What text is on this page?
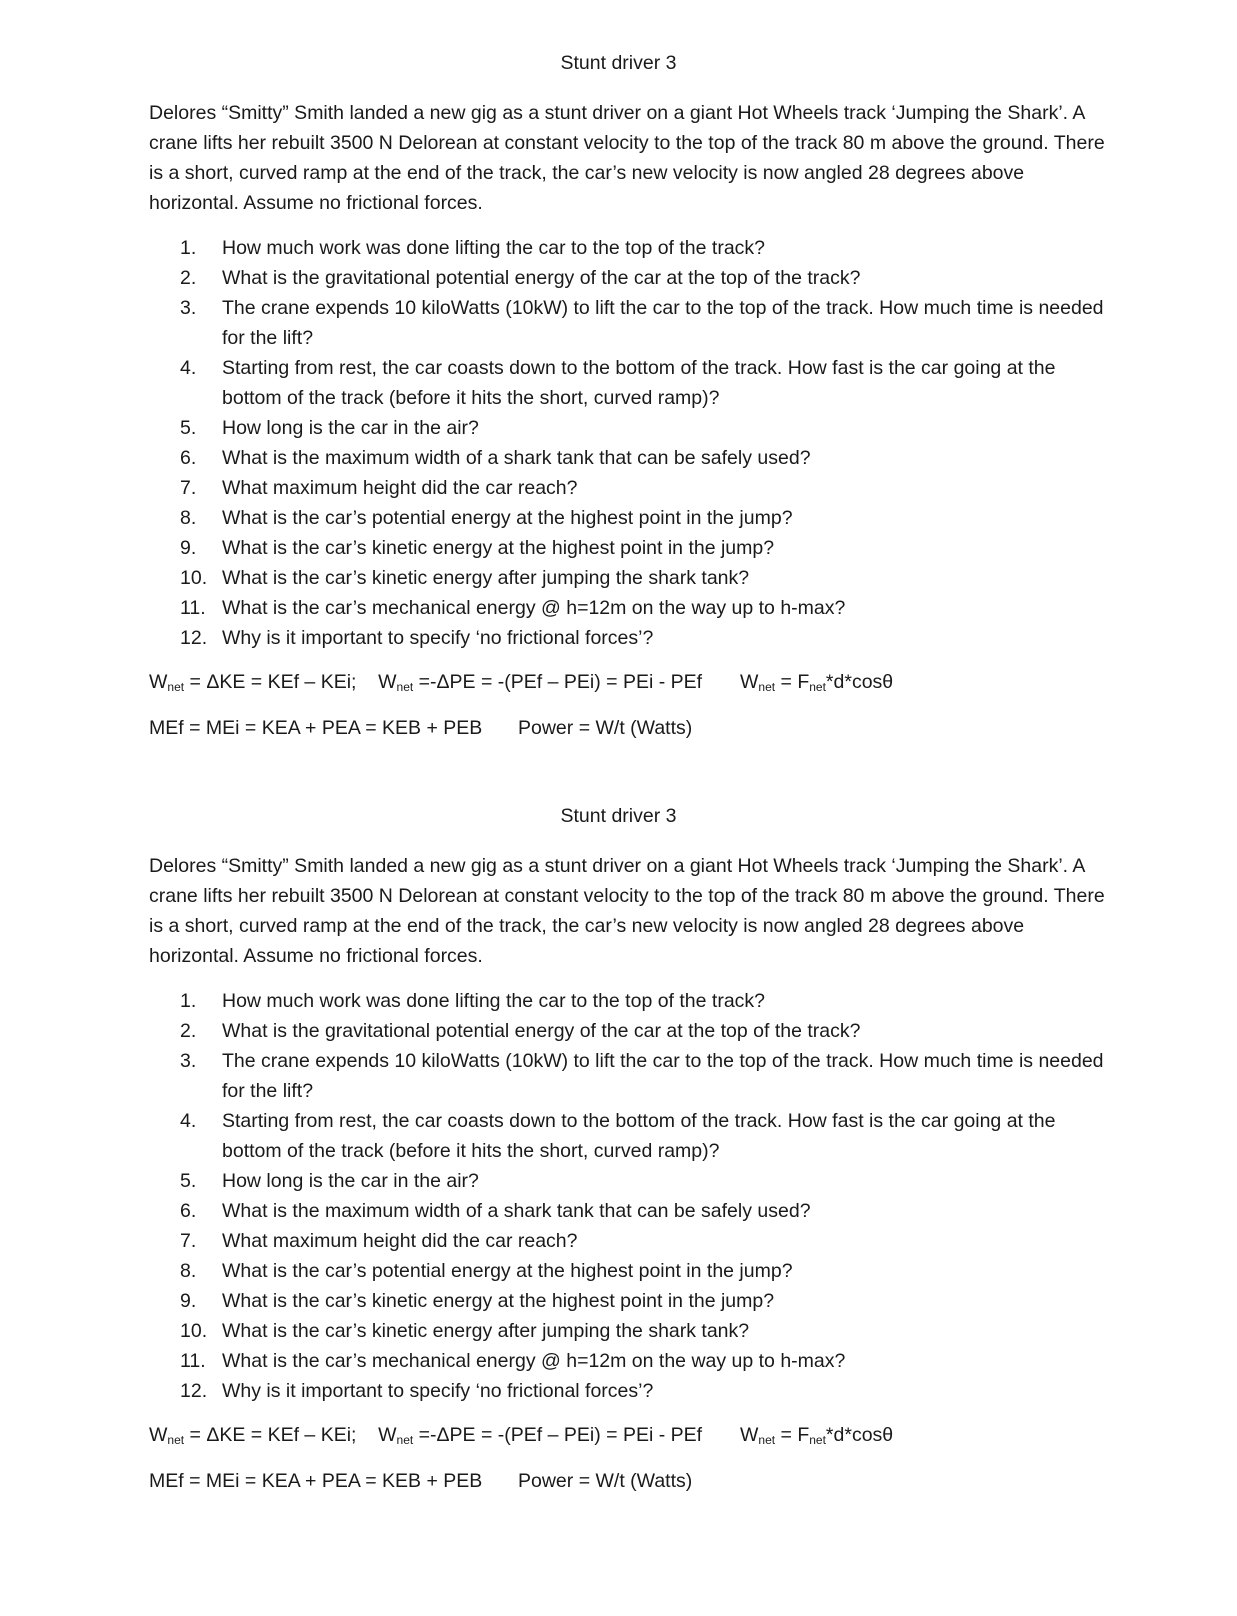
Stunt driver 3

Delores “Smitty” Smith landed a new gig as a stunt driver on a giant Hot Wheels track ‘Jumping the Shark’. A crane lifts her rebuilt 3500 N Delorean at constant velocity to the top of the track 80 m above the ground. There is a short, curved ramp at the end of the track, the car’s new velocity is now angled 28 degrees above horizontal. Assume no frictional forces.

1.	How much work was done lifting the car to the top of the track?
2.	What is the gravitational potential energy of the car at the top of the track?
3.	The crane expends 10 kiloWatts (10kW) to lift the car to the top of the track. How much time is needed for the lift?
4.	Starting from rest, the car coasts down to the bottom of the track. How fast is the car going at the bottom of the track (before it hits the short, curved ramp)?
5.	How long is the car in the air?
6.	What is the maximum width of a shark tank that can be safely used?
7.	What maximum height did the car reach?
8.	What is the car’s potential energy at the highest point in the jump?
9.	What is the car’s kinetic energy at the highest point in the jump?
10. What is the car’s kinetic energy after jumping the shark tank?
11. What is the car’s mechanical energy @ h=12m on the way up to h-max?
12. Why is it important to specify ‘no frictional forces’?
$W_{net} = \Delta KE$ = KEf – KEi; $W_{net} =-\Delta PE = -(PEf - PEi)$ = PEi - PEf $W_{net} = F_{net}*d*\cos\theta$
MEf = MEi = KEA + PEA = KEB + PEB Power = W/t (Watts)

Stunt driver 3

Delores “Smitty” Smith landed a new gig as a stunt driver on a giant Hot Wheels track ‘Jumping the Shark’. A crane lifts her rebuilt 3500 N Delorean at constant velocity to the top of the track 80 m above the ground. There is a short, curved ramp at the end of the track, the car’s new velocity is now angled 28 degrees above horizontal. Assume no frictional forces.

1.	How much work was done lifting the car to the top of the track?
2.	What is the gravitational potential energy of the car at the top of the track?
3.	The crane expends 10 kiloWatts (10kW) to lift the car to the top of the track. How much time is needed for the lift?
4.	Starting from rest, the car coasts down to the bottom of the track. How fast is the car going at the bottom of the track (before it hits the short, curved ramp)?
5.	How long is the car in the air?
6.	What is the maximum width of a shark tank that can be safely used?
7.	What maximum height did the car reach?
8.	What is the car’s potential energy at the highest point in the jump?
9.	What is the car’s kinetic energy at the highest point in the jump?
10. What is the car’s kinetic energy after jumping the shark tank?
11. What is the car’s mechanical energy @ h=12m on the way up to h-max?
12. Why is it important to specify ‘no frictional forces’?
$W_{net} = \Delta KE$ = KEf – KEi; $W_{net} =-\Delta PE = -(PEf - PEi)$ = PEi - PEf $W_{net} = F_{net}*d*\cos\theta$
MEf = MEi = KEA + PEA = KEB + PEB Power = W/t (Watts)
